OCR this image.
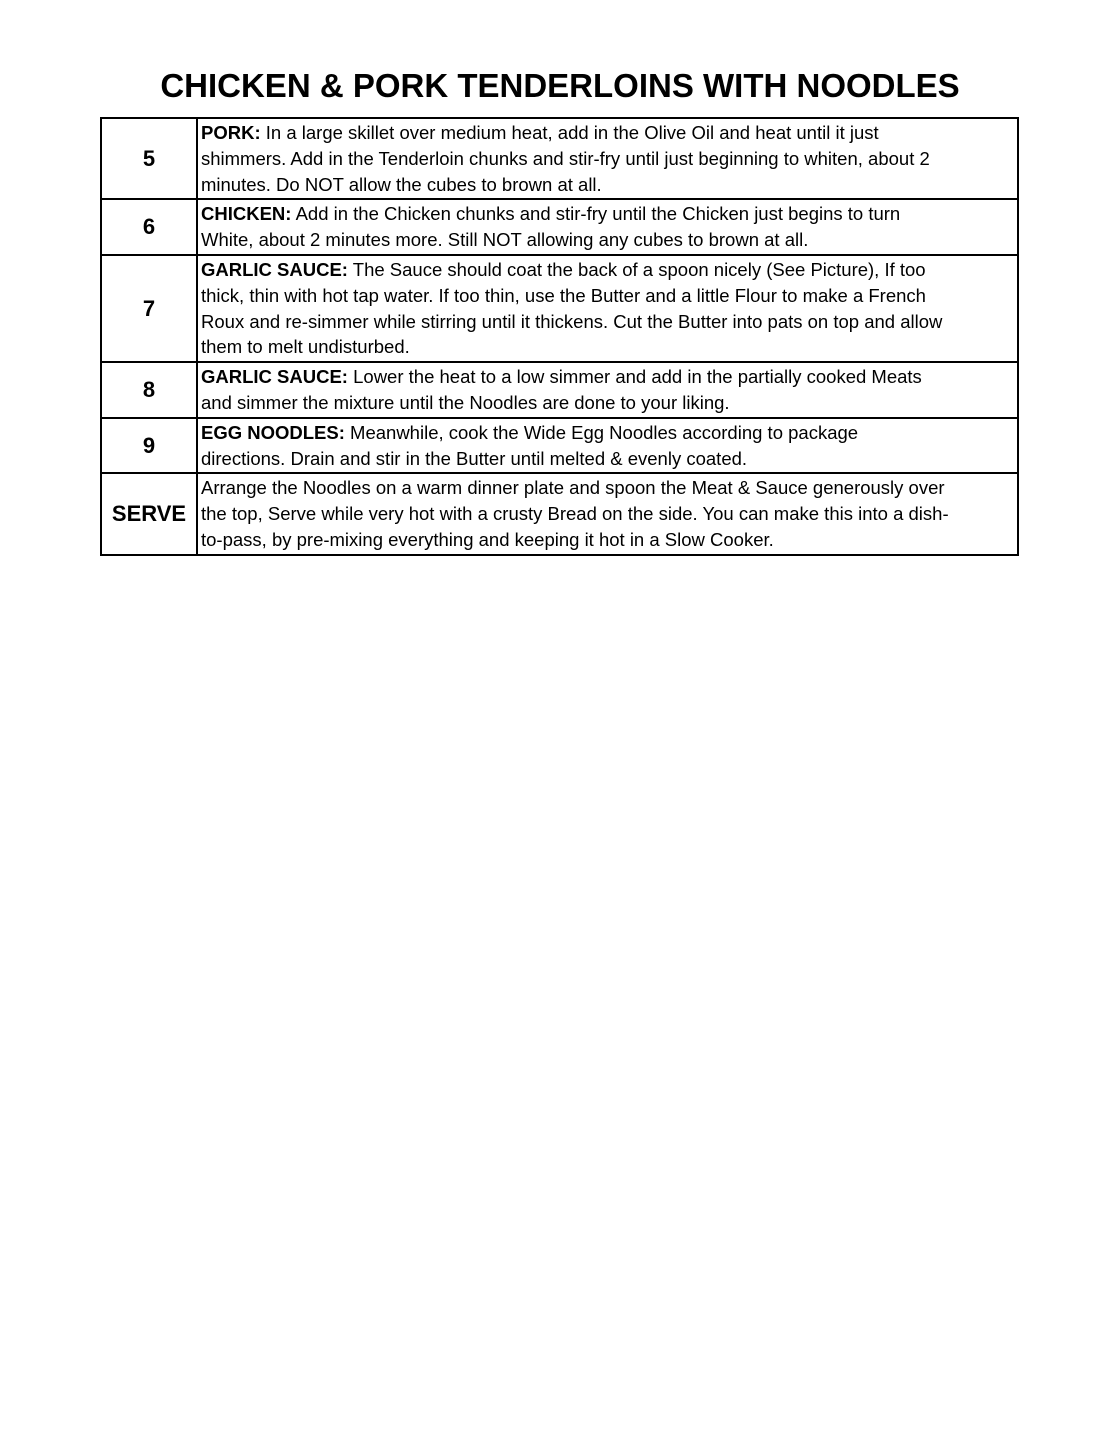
CHICKEN & PORK TENDERLOINS WITH NOODLES
5	PORK: In a large skillet over medium heat, add in the Olive Oil and heat until it just
shimmers. Add in the Tenderloin chunks and stir-fry until just beginning to whiten, about 2
minutes. Do NOT allow the cubes to brown at all.

6	CHICKEN: Add in the Chicken chunks and stir-fry until the Chicken just begins to turn
White, about 2 minutes more. Still NOT allowing any cubes to brown at all.

7	GARLIC SAUCE: The Sauce should coat the back of a spoon nicely (See Picture), If too
thick, thin with hot tap water. If too thin, use the Butter and a little Flour to make a French
Roux and re-simmer while stirring until it thickens. Cut the Butter into pats on top and allow
them to melt undisturbed.

8	GARLIC SAUCE: Lower the heat to a low simmer and add in the partially cooked Meats
and simmer the mixture until the Noodles are done to your liking.

9	EGG NOODLES: Meanwhile, cook the Wide Egg Noodles according to package
directions. Drain and stir in the Butter until melted & evenly coated.

SERVE	Arrange the Noodles on a warm dinner plate and spoon the Meat & Sauce generously over
the top, Serve while very hot with a crusty Bread on the side. You can make this into a dish-
to-pass, by pre-mixing everything and keeping it hot in a Slow Cooker.
